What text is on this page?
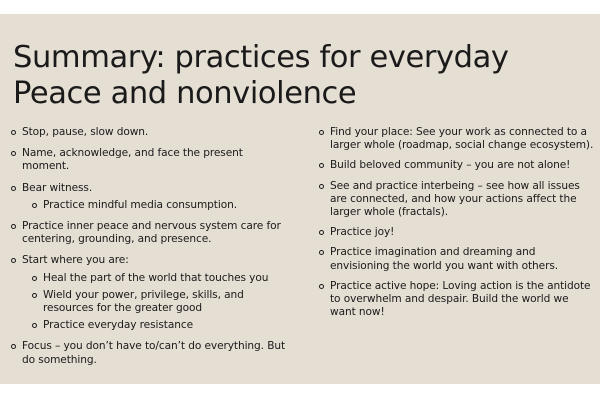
Summary: practices for everyday
Peace and nonviolence
Stop, pause, slow down.
Name, acknowledge, and face the present moment.
Bear witness.
Practice mindful media consumption.
Practice inner peace and nervous system care for centering, grounding, and presence.
Start where you are:
Heal the part of the world that touches you
Wield your power, privilege, skills, and resources for the greater good
Practice everyday resistance
Focus – you don’t have to/can’t do everything. But do something.
Find your place: See your work as connected to a larger whole (roadmap, social change ecosystem).
Build beloved community – you are not alone!
See and practice interbeing – see how all issues are connected, and how your actions affect the larger whole (fractals).
Practice joy!
Practice imagination and dreaming and envisioning the world you want with others.
Practice active hope: Loving action is the antidote to overwhelm and despair. Build the world we want now!
